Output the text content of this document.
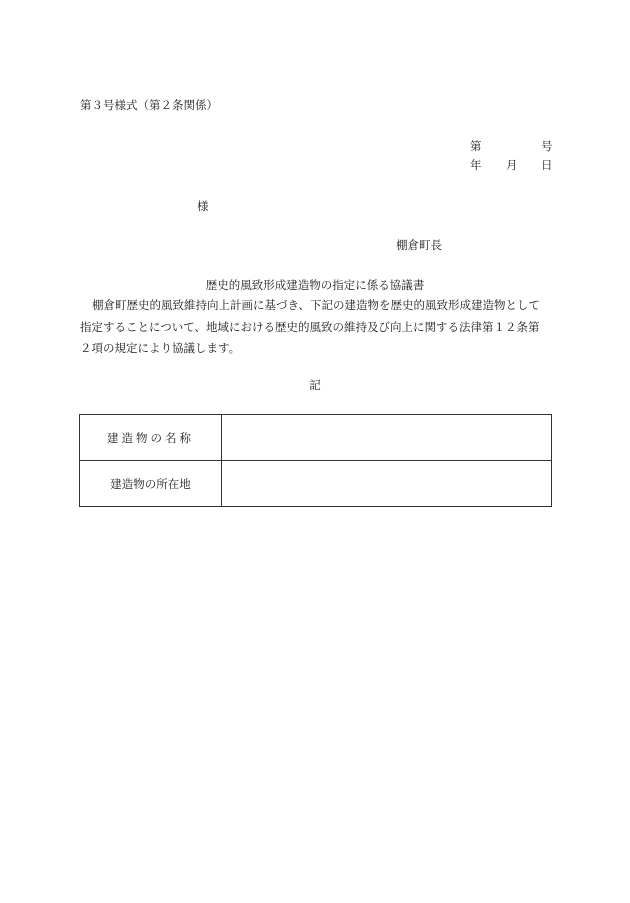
第３号様式（第２条関係）
第	号
年 月 日
様
棚倉町長
歴史的風致形成建造物の指定に係る協議書
棚倉町歴史的風致維持向上計画に基づき、下記の建造物を歴史的風致形成建造物として
指定することについて、地域における歴史的風致の維持及び向上に関する法律第１２条第
２項の規定により協議します。
記
建造物の名称	
建造物の所在地	
